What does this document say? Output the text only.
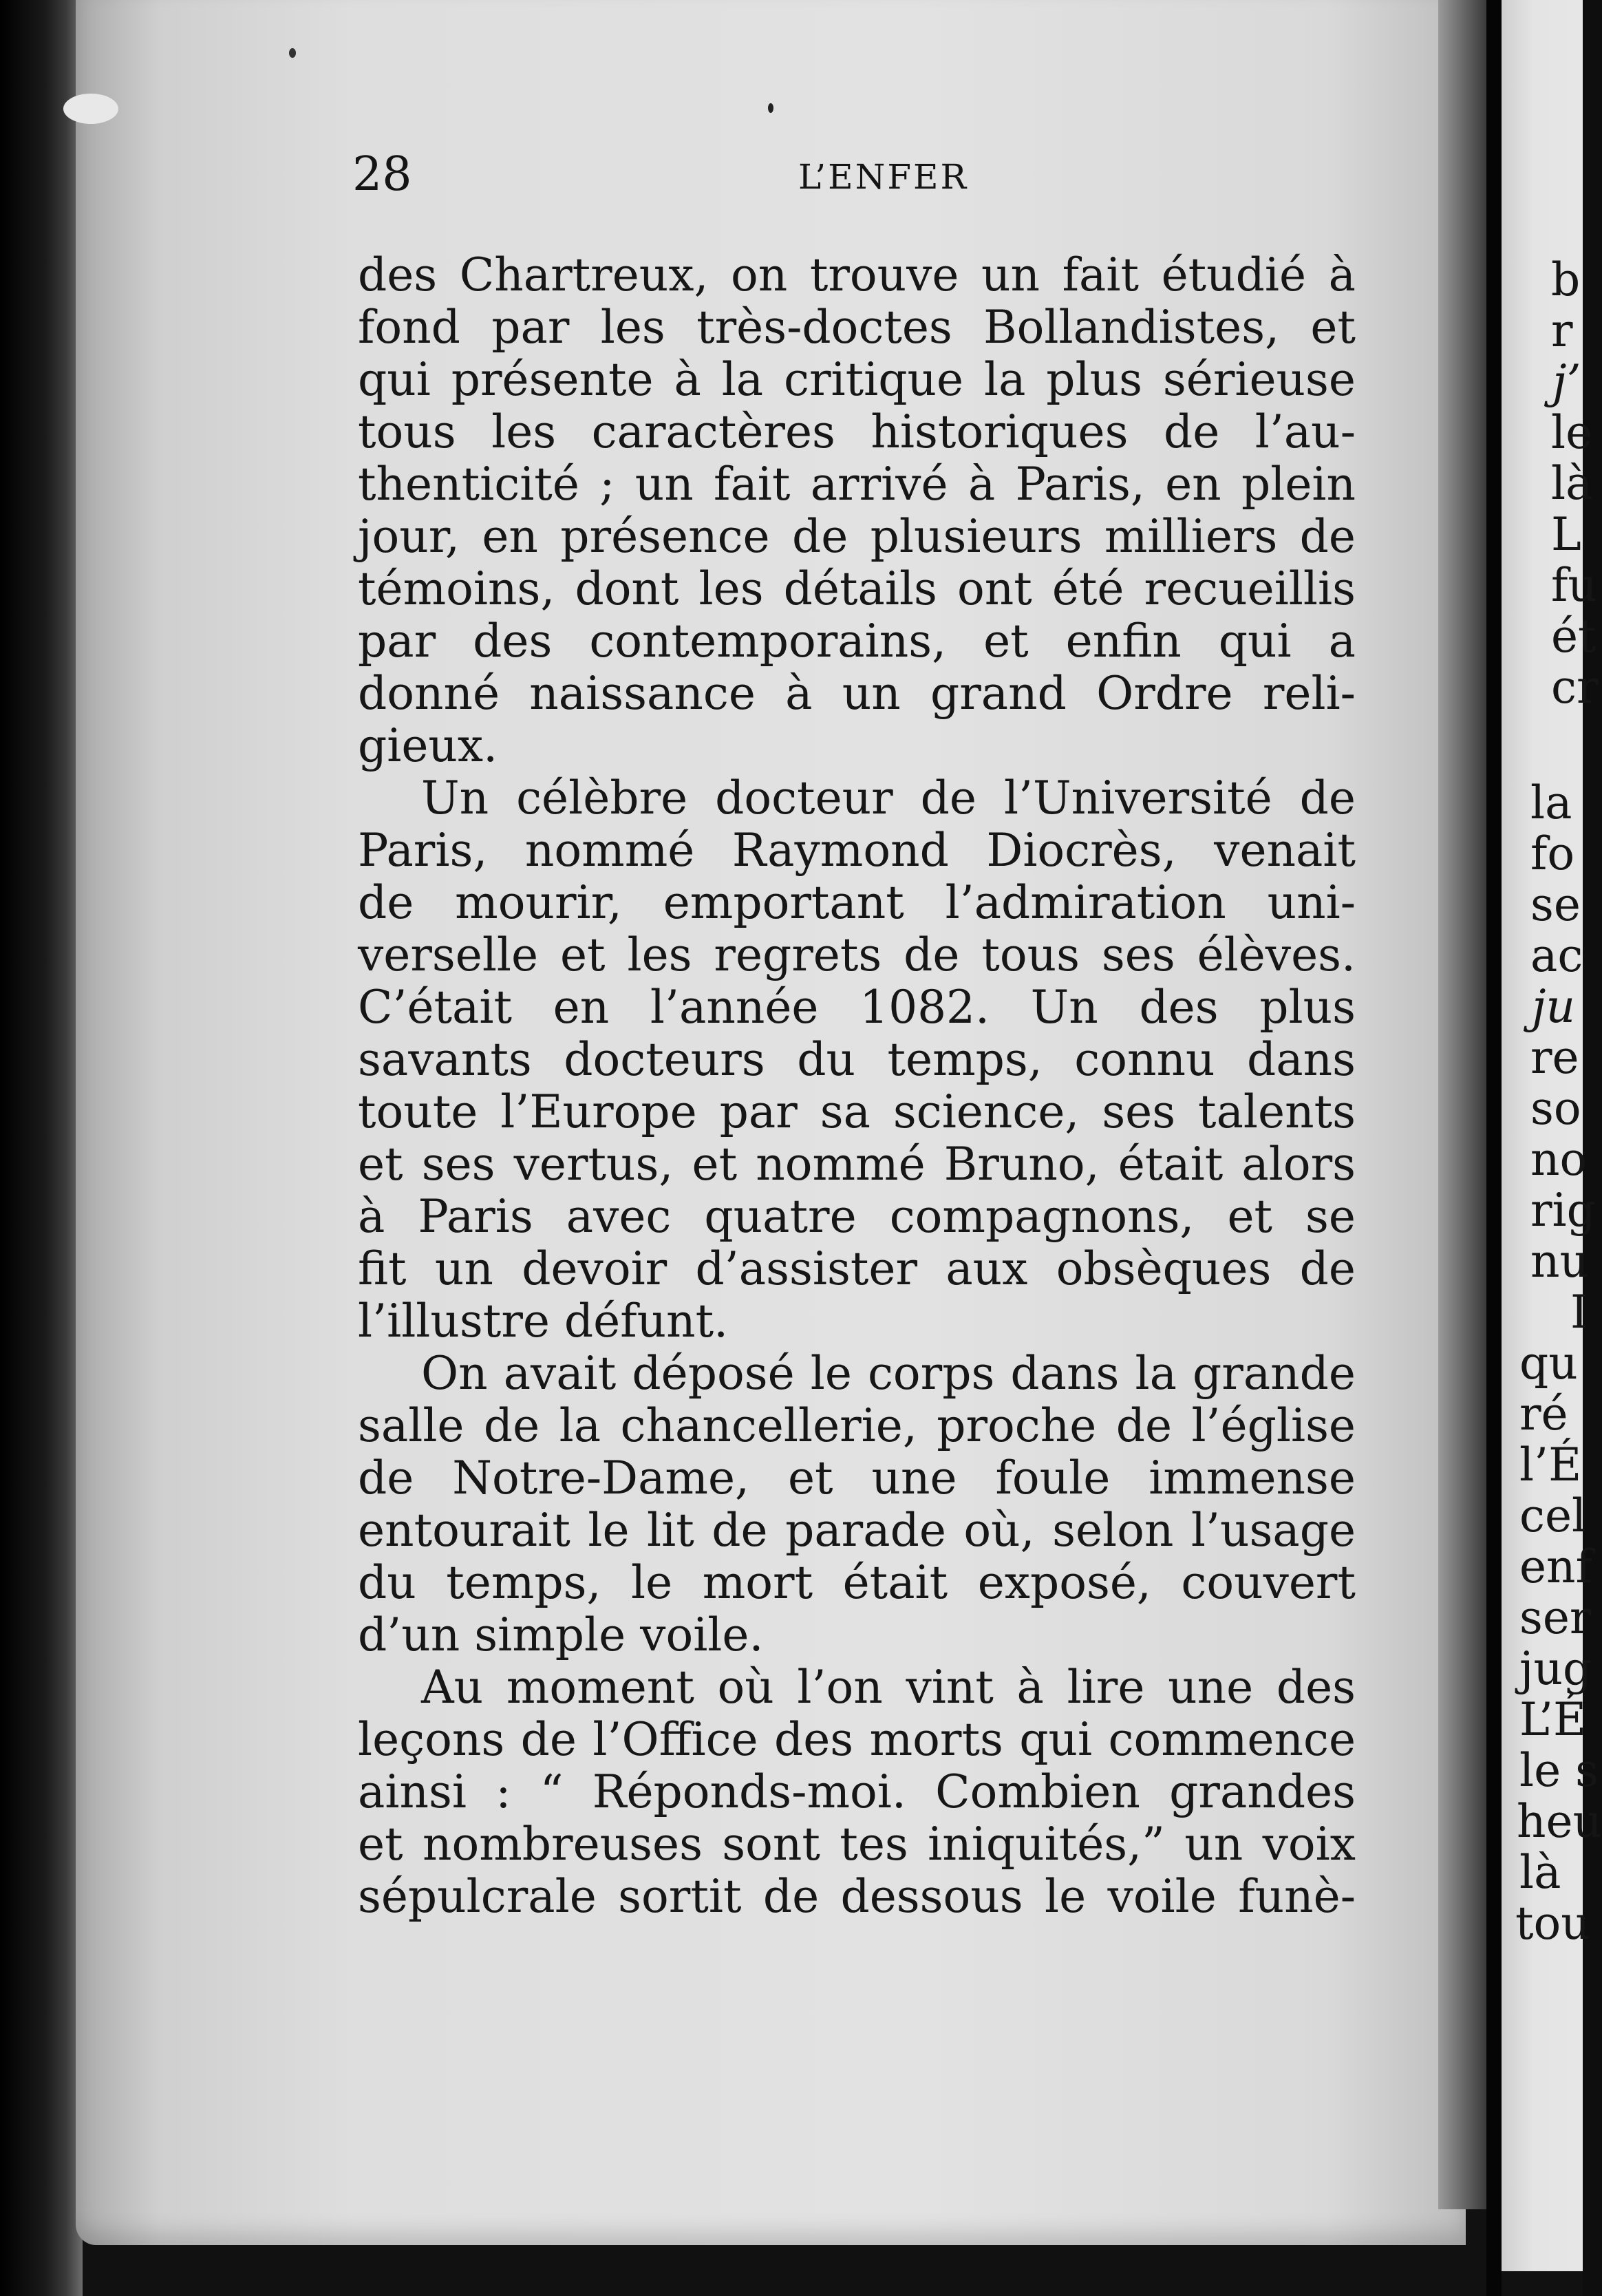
28	L’ENFER
des Chartreux, on trouve un fait étudié à
fond par les très-doctes Bollandistes, et
qui présente à la critique la plus sérieuse
tous les caractères historiques de l’au-
thenticité ; un fait arrivé à Paris, en plein
jour, en présence de plusieurs milliers de
témoins, dont les détails ont été recueillis
par des contemporains, et enfin qui a
donné naissance à un grand Ordre reli-
gieux.
Un célèbre docteur de l’Université de
Paris, nommé Raymond Diocrès, venait
de mourir, emportant l’admiration uni-
verselle et les regrets de tous ses élèves.
C’était en l’année 1082. Un des plus
savants docteurs du temps, connu dans
toute l’Europe par sa science, ses talents
et ses vertus, et nommé Bruno, était alors
à Paris avec quatre compagnons, et se
fit un devoir d’assister aux obsèques de
l’illustre défunt.
On avait déposé le corps dans la grande
salle de la chancellerie, proche de l’église
de Notre-Dame, et une foule immense
entourait le lit de parade où, selon l’usage
du temps, le mort était exposé, couvert
d’un simple voile.
Au moment où l’on vint à lire une des
leçons de l’Office des morts qui commence
ainsi : “ Réponds-moi. Combien grandes
et nombreuses sont tes iniquités,” un voix
sépulcrale sortit de dessous le voile funè-
b
r
j’
le
là
L
fu
ét
cr
la
fo
se
ac
ju
re
so
no
rig
nu
I
qu
ré
l’É
cel
enf
ser
jug
L’É
le s
heu
là
tou
